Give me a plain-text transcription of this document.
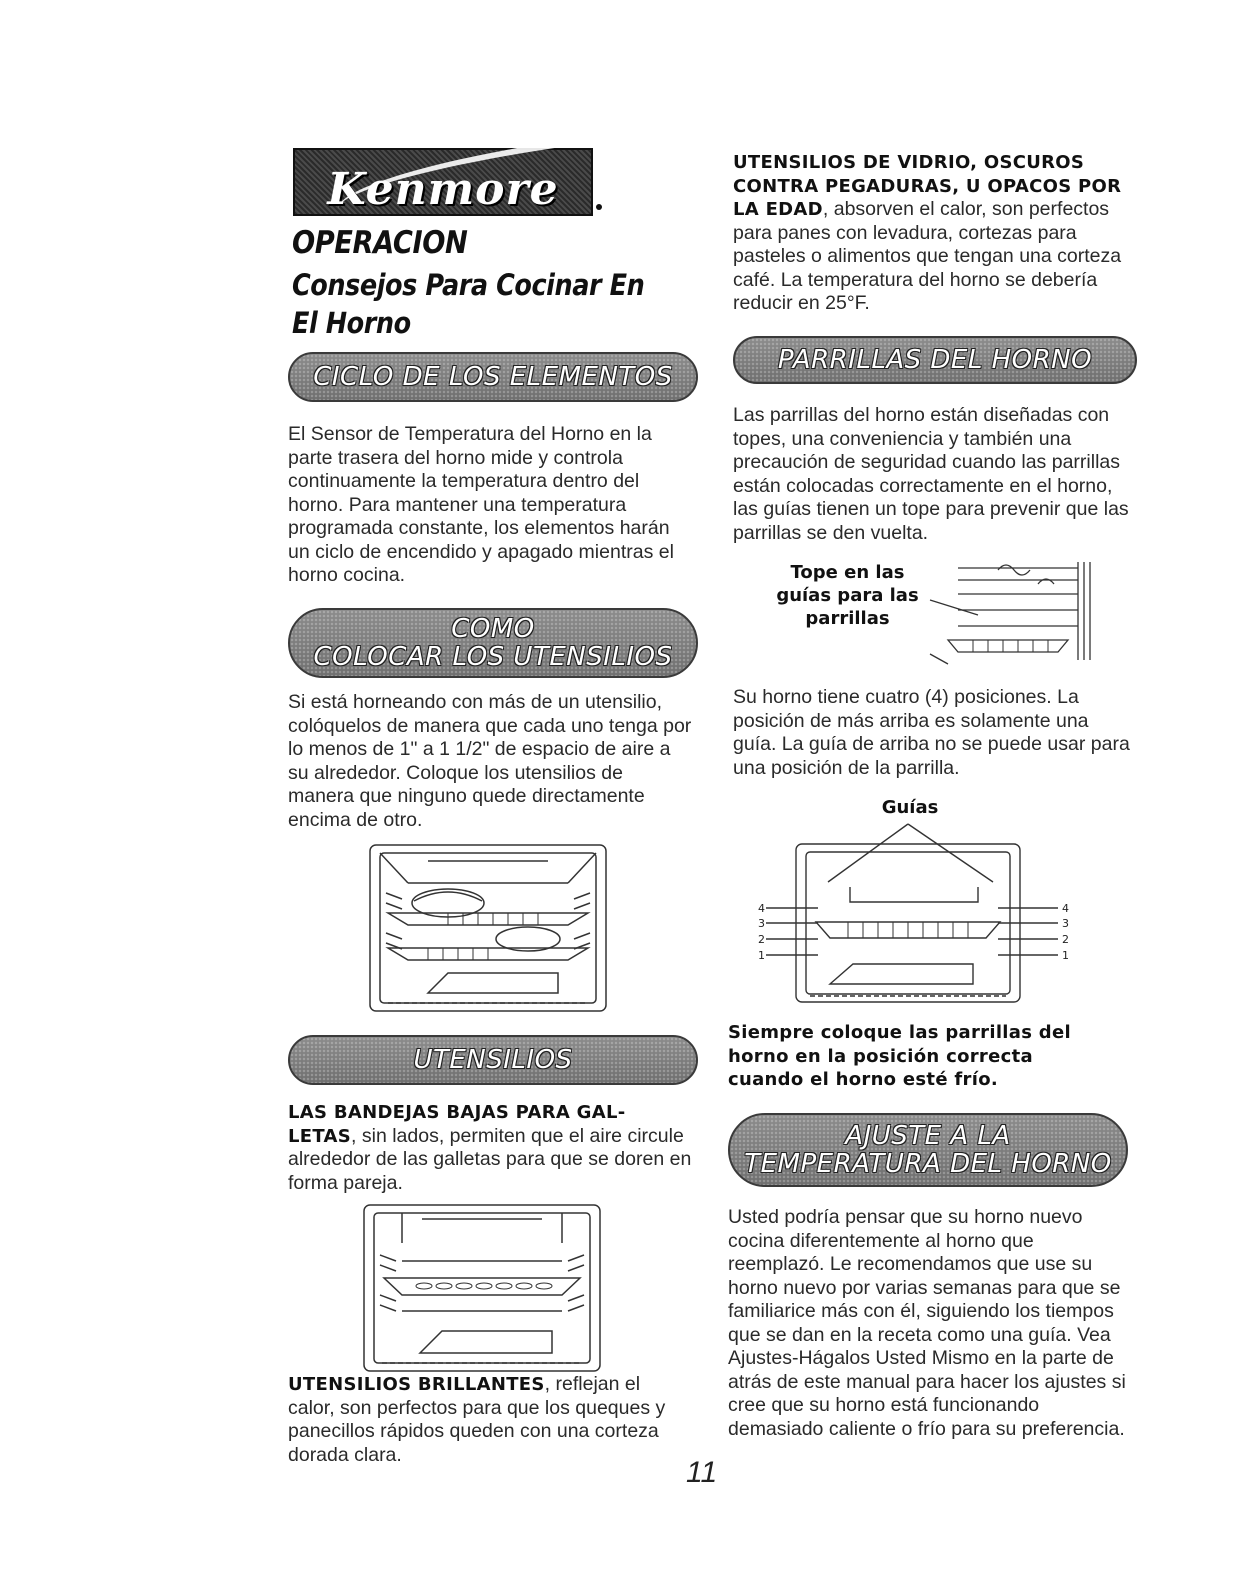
Kenmore
OPERACION
Consejos Para Cocinar En El Horno
CICLO DE LOS ELEMENTOS

El Sensor de Temperatura del Horno en la parte trasera del horno mide y controla continuamente la temperatura dentro del horno. Para mantener una temperatura programada constante, los elementos harán un ciclo de encendido y apagado mientras el horno cocina.

COMO
COLOCAR LOS UTENSILIOS

Si está horneando con más de un utensilio, colóquelos de manera que cada uno tenga por lo menos de 1" a 1 1/2" de espacio de aire a su alrededor. Coloque los utensilios de manera que ninguno quede directamente encima de otro.

UTENSILIOS

LAS BANDEJAS BAJAS PARA GAL- LETAS, sin lados, permiten que el aire circule alrededor de las galletas para que se doren en forma pareja.

UTENSILIOS BRILLANTES, reflejan el calor, son perfectos para que los queques y panecillos rápidos queden con una corteza dorada clara.

UTENSILIOS DE VIDRIO, OSCUROS CONTRA PEGADURAS, U OPACOS POR LA EDAD, absorven el calor, son perfectos para panes con levadura, cortezas para pasteles o alimentos que tengan una corteza café. La temperatura del horno se debería reducir en 25°F.

PARRILLAS DEL HORNO

Las parrillas del horno están diseñadas con topes, una conveniencia y también una precaución de seguridad cuando las parrillas están colocadas correctamente en el horno, las guías tienen un tope para prevenir que las parrillas se den vuelta.

Tope en las guías para las parrillas

Su horno tiene cuatro (4) posiciones. La posición de más arriba es solamente una guía. La guía de arriba no se puede usar para una posición de la parrilla.

Guías
4
3
2
1
4
3
2
1

Siempre coloque las parrillas del horno en la posición correcta cuando el horno esté frío.

AJUSTE A LA
TEMPERATURA DEL HORNO

Usted podría pensar que su horno nuevo cocina diferentemente al horno que reemplazó. Le recomendamos que use su horno nuevo por varias semanas para que se familiarice más con él, siguiendo los tiempos que se dan en la receta como una guía. Vea Ajustes-Hágalos Usted Mismo en la parte de atrás de este manual para hacer los ajustes si cree que su horno está funcionando demasiado caliente o frío para su preferencia.

11
